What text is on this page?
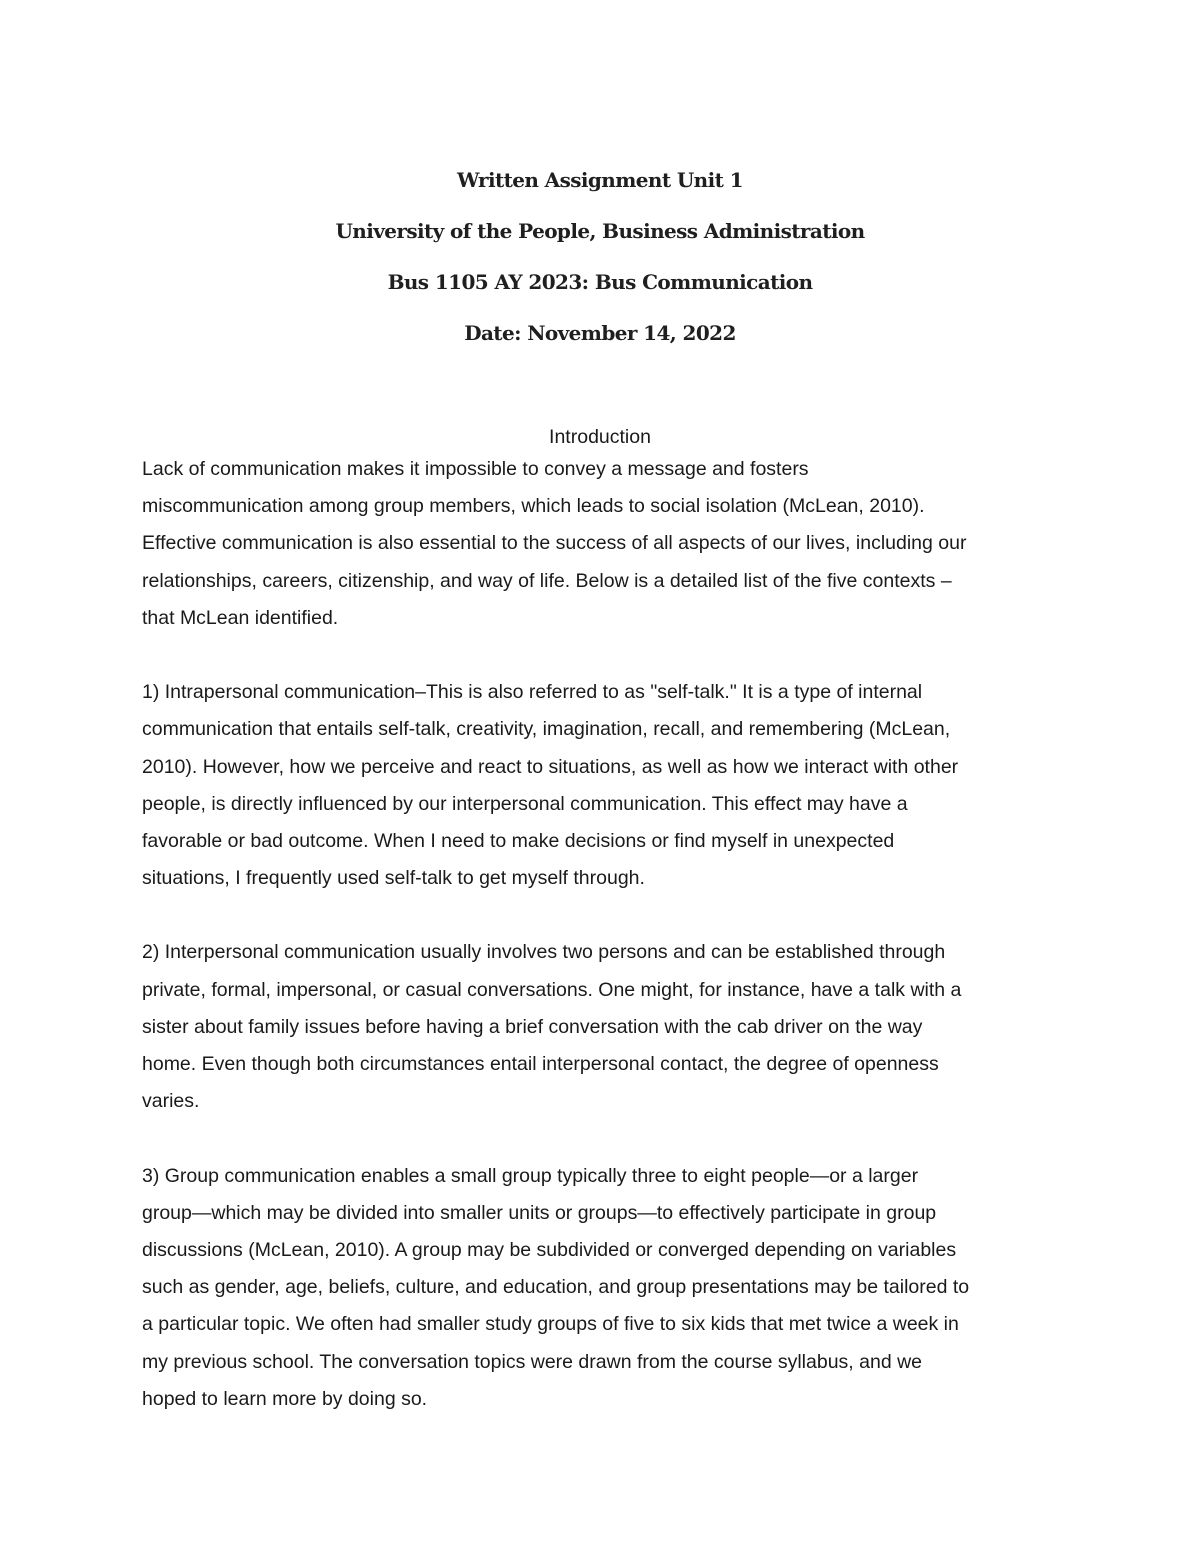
Written Assignment Unit 1
University of the People, Business Administration
Bus 1105 AY 2023: Bus Communication
Date: November 14, 2022
Introduction
Lack of communication makes it impossible to convey a message and fosters
miscommunication among group members, which leads to social isolation (McLean, 2010).
Effective communication is also essential to the success of all aspects of our lives, including our
relationships, careers, citizenship, and way of life. Below is a detailed list of the five contexts –
that McLean identified.
1) Intrapersonal communication–This is also referred to as "self-talk." It is a type of internal
communication that entails self-talk, creativity, imagination, recall, and remembering (McLean,
2010). However, how we perceive and react to situations, as well as how we interact with other
people, is directly influenced by our interpersonal communication. This effect may have a
favorable or bad outcome. When I need to make decisions or find myself in unexpected
situations, I frequently used self-talk to get myself through.
2) Interpersonal communication usually involves two persons and can be established through
private, formal, impersonal, or casual conversations. One might, for instance, have a talk with a
sister about family issues before having a brief conversation with the cab driver on the way
home. Even though both circumstances entail interpersonal contact, the degree of openness
varies.
3) Group communication enables a small group typically three to eight people—or a larger
group—which may be divided into smaller units or groups—to effectively participate in group
discussions (McLean, 2010). A group may be subdivided or converged depending on variables
such as gender, age, beliefs, culture, and education, and group presentations may be tailored to
a particular topic. We often had smaller study groups of five to six kids that met twice a week in
my previous school. The conversation topics were drawn from the course syllabus, and we
hoped to learn more by doing so.
